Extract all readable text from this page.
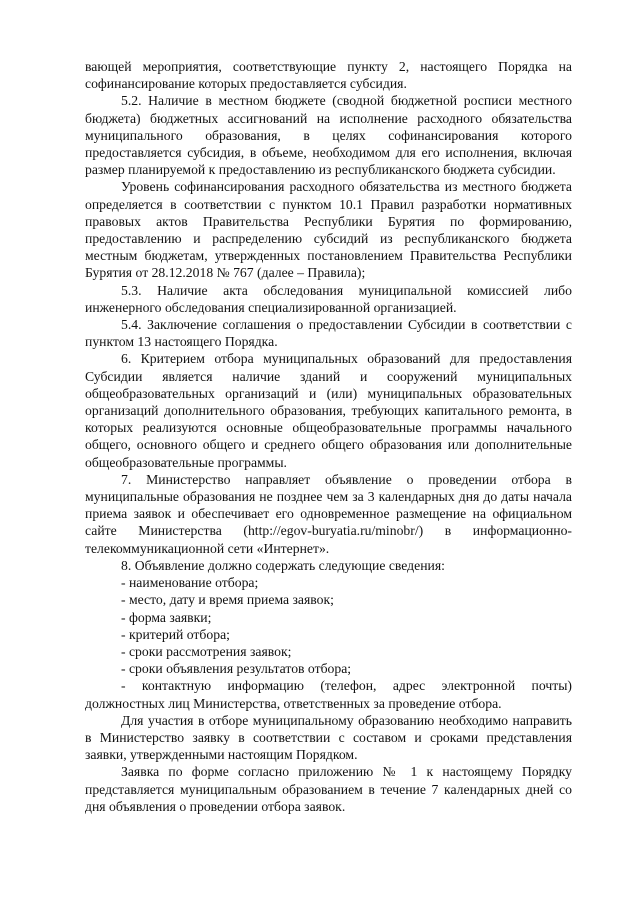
вающей мероприятия, соответствующие пункту 2, настоящего Порядка на софинансирование которых предоставляется субсидия.

5.2. Наличие в местном бюджете (сводной бюджетной росписи местного бюджета) бюджетных ассигнований на исполнение расходного обязательства муниципального образования, в целях софинансирования которого предоставляется субсидия, в объеме, необходимом для его исполнения, включая размер планируемой к предоставлению из республиканского бюджета субсидии.

Уровень софинансирования расходного обязательства из местного бюджета определяется в соответствии с пунктом 10.1 Правил разработки нормативных правовых актов Правительства Республики Бурятия по формированию, предоставлению и распределению субсидий из республиканского бюджета местным бюджетам, утвержденных постановлением Правительства Республики Бурятия от 28.12.2018 № 767 (далее – Правила);

5.3. Наличие акта обследования муниципальной комиссией либо инженерного обследования специализированной организацией.

5.4. Заключение соглашения о предоставлении Субсидии в соответствии с пунктом 13 настоящего Порядка.

6. Критерием отбора муниципальных образований для предоставления Субсидии является наличие зданий и сооружений муниципальных общеобразовательных организаций и (или) муниципальных образовательных организаций дополнительного образования, требующих капитального ремонта, в которых реализуются основные общеобразовательные программы начального общего, основного общего и среднего общего образования или дополнительные общеобразовательные программы.

7. Министерство направляет объявление о проведении отбора в муниципальные образования не позднее чем за 3 календарных дня до даты начала приема заявок и обеспечивает его одновременное размещение на официальном сайте Министерства (http://egov-buryatia.ru/minobr/) в информационно-телекоммуникационной сети «Интернет».

8. Объявление должно содержать следующие сведения:

- наименование отбора;

- место, дату и время приема заявок;

- форма заявки;

- критерий отбора;

- сроки рассмотрения заявок;

- сроки объявления результатов отбора;

- контактную информацию (телефон, адрес электронной почты) должностных лиц Министерства, ответственных за проведение отбора.

Для участия в отборе муниципальному образованию необходимо направить в Министерство заявку в соответствии с составом и сроками представления заявки, утвержденными настоящим Порядком.

Заявка по форме согласно приложению № 1 к настоящему Порядку представляется муниципальным образованием в течение 7 календарных дней со дня объявления о проведении отбора заявок.
